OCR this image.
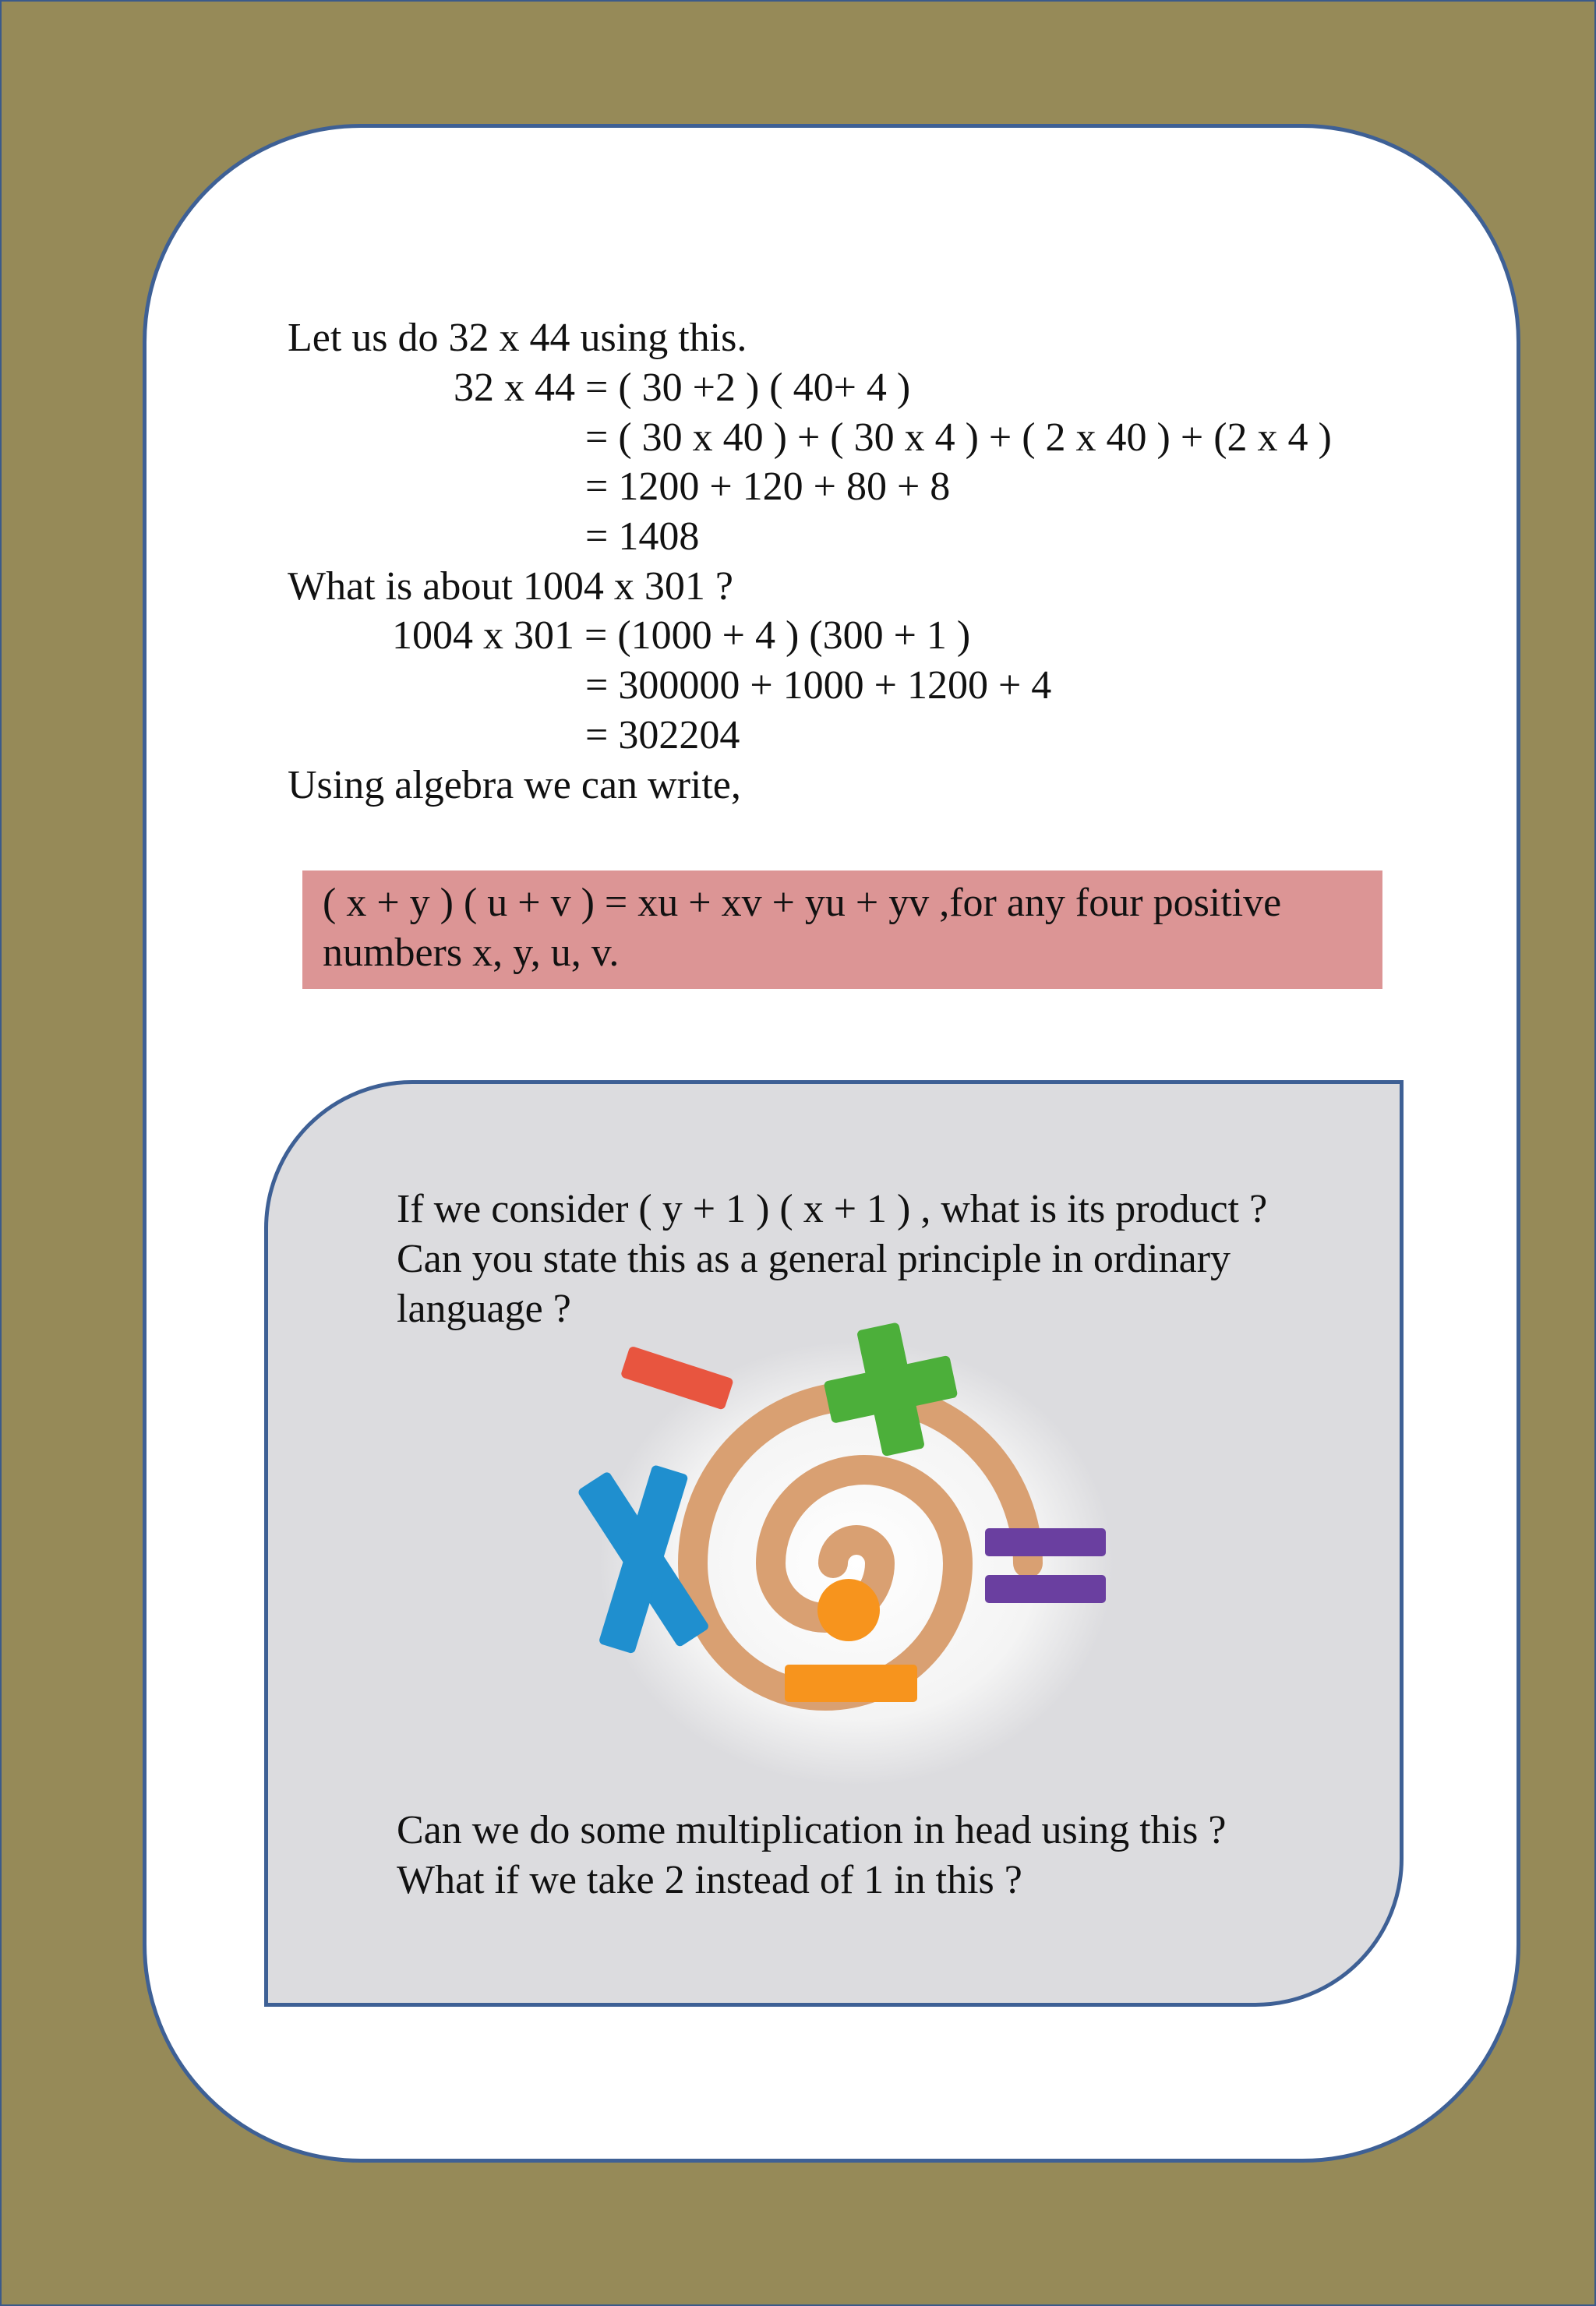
Let us do 32 x 44 using this.
32 x 44 = ( 30 +2 ) ( 40+ 4 )
= ( 30 x 40 ) + ( 30 x 4 ) + ( 2 x 40 ) + (2 x 4 )
= 1200 + 120 + 80 + 8
= 1408
What is about 1004 x 301 ?
1004 x 301 = (1000 + 4 ) (300 + 1 )
= 300000 + 1000 + 1200 + 4
= 302204
Using algebra we can write,
( x + y ) ( u + v ) = xu + xv + yu + yv ,for any four positive
numbers x, y, u, v.
If we consider ( y + 1 ) ( x + 1 ) , what is its product ?
Can you state this as a general principle in ordinary
language ?
Can we do some multiplication in head using this ?
What if we take 2 instead of 1 in this ?
